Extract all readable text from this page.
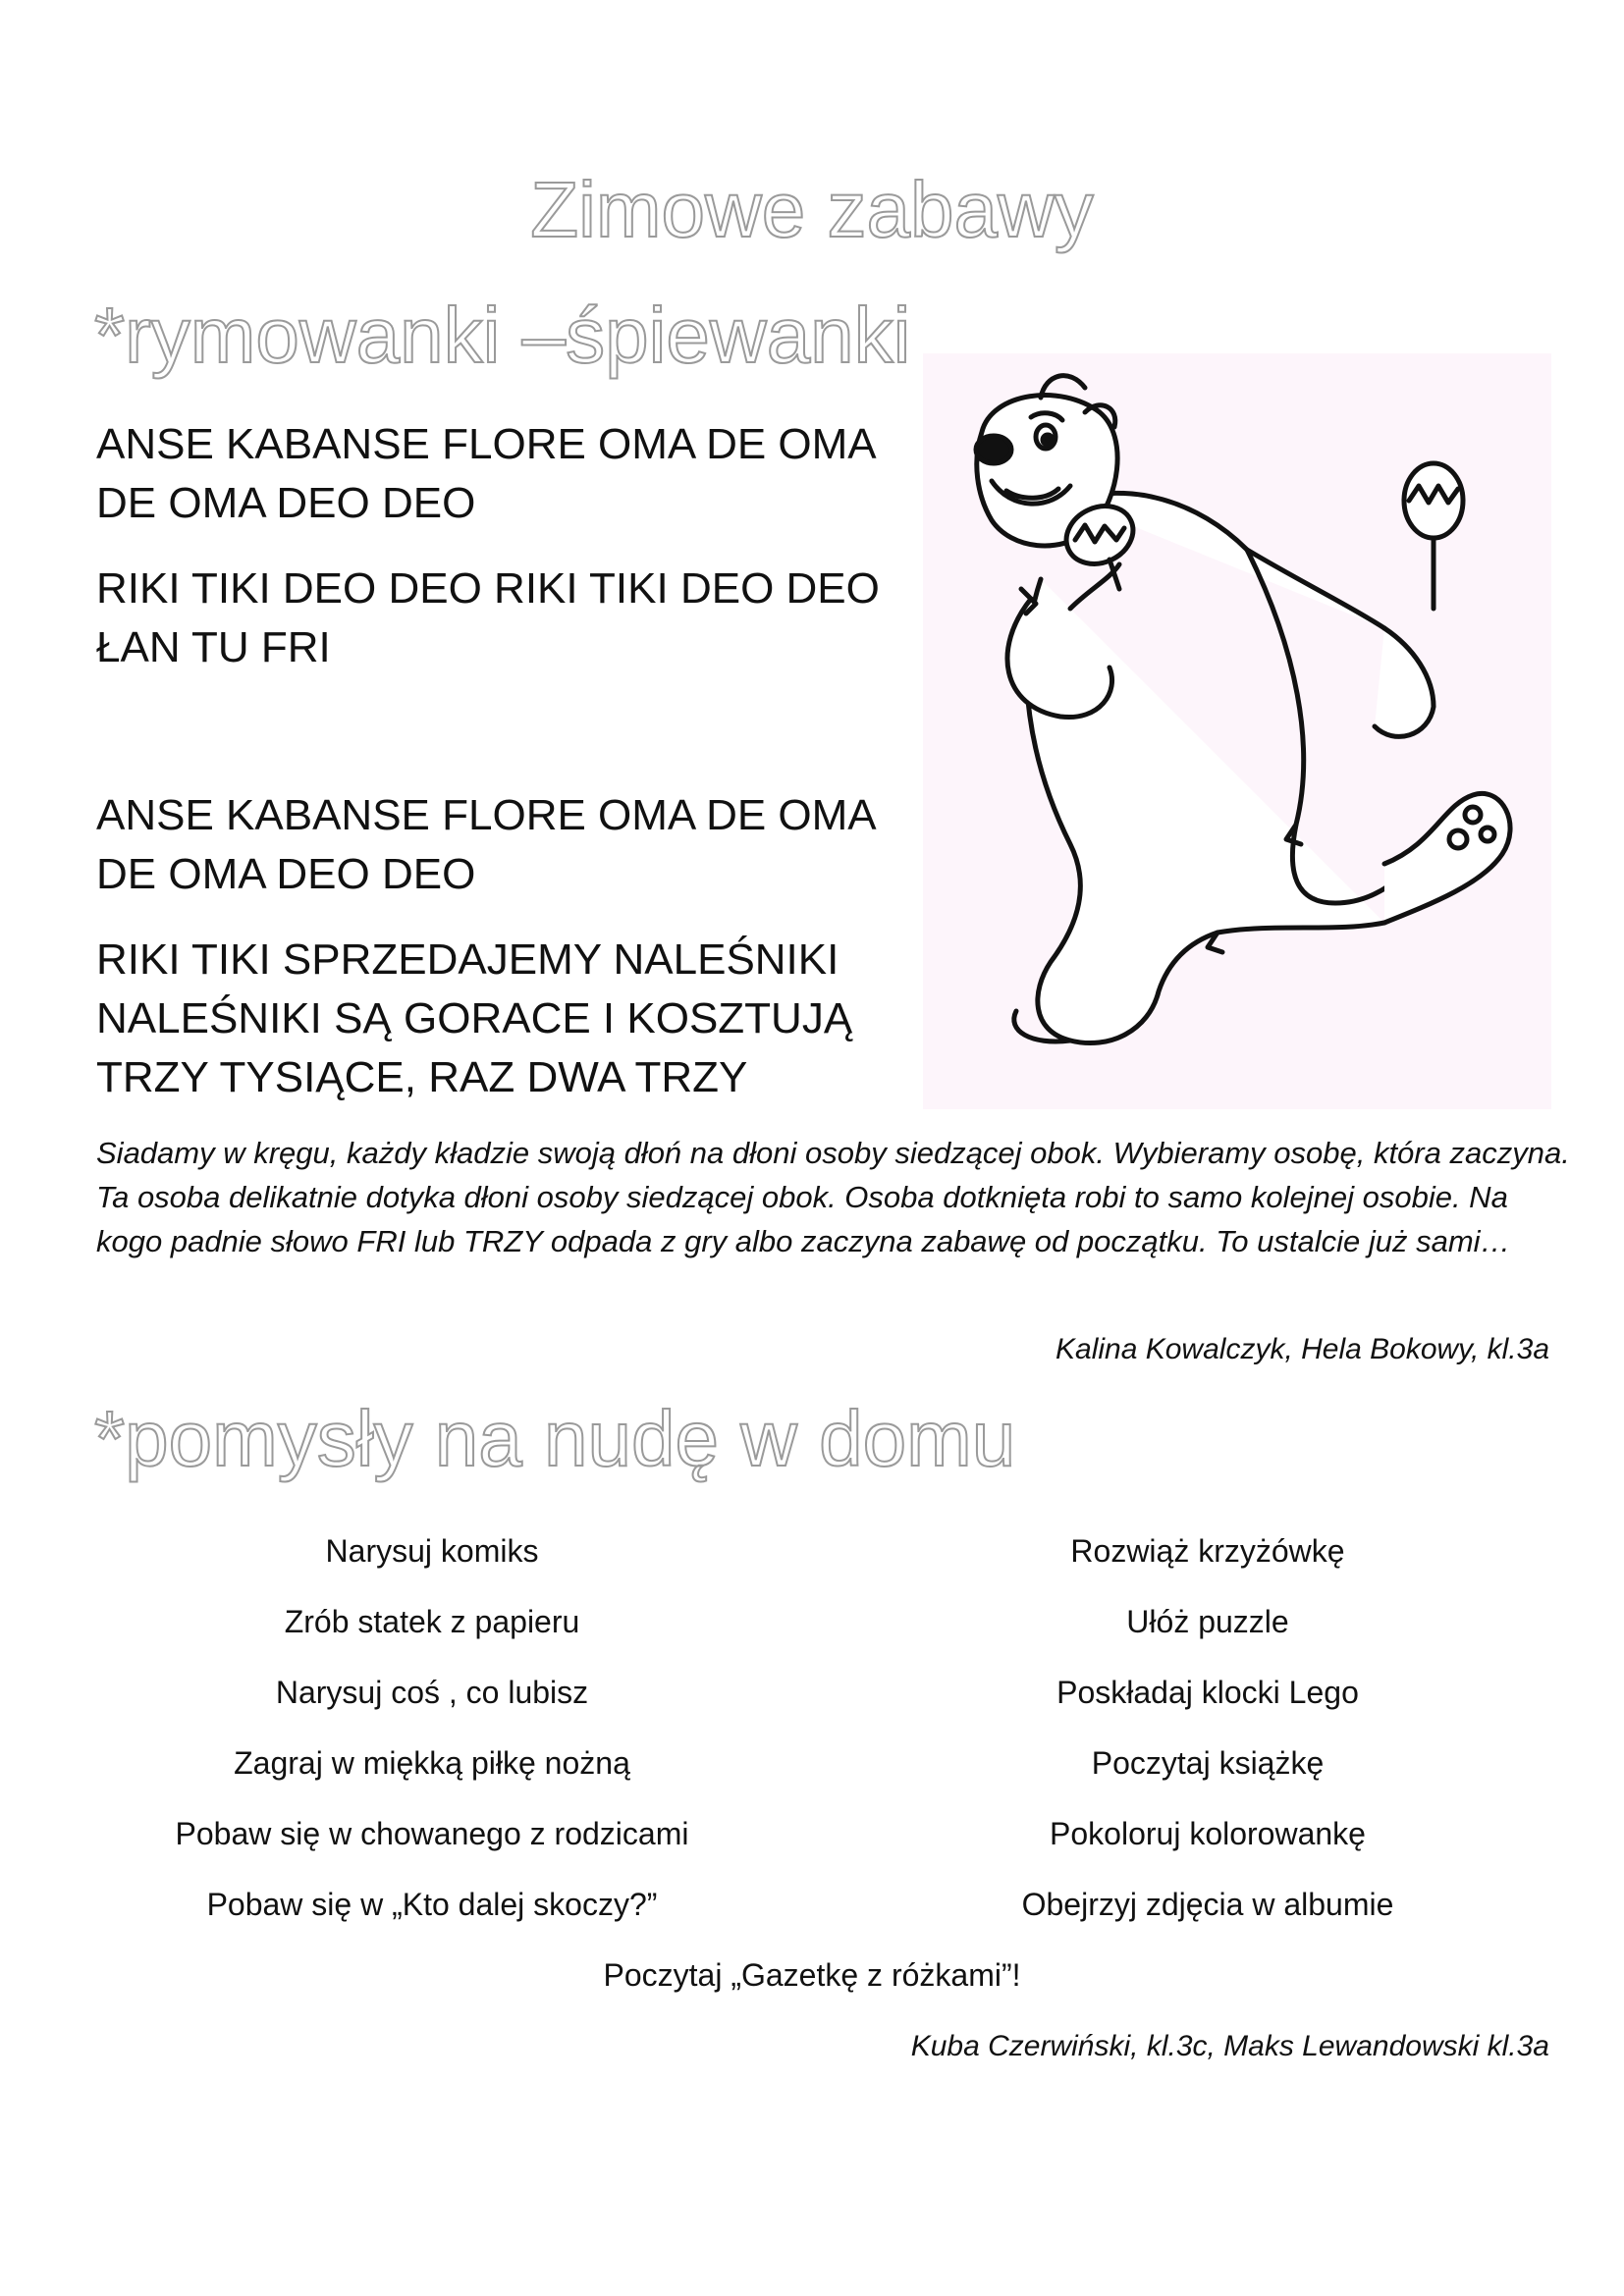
Zimowe zabawy
*rymowanki –śpiewanki

ANSE KABANSE FLORE OMA DE OMA
DE OMA DEO DEO

RIKI TIKI DEO DEO RIKI TIKI DEO DEO
ŁAN TU FRI

ANSE KABANSE FLORE OMA DE OMA
DE OMA DEO DEO

RIKI TIKI SPRZEDAJEMY NALEŚNIKI
NALEŚNIKI SĄ GORACE I KOSZTUJĄ
TRZY TYSIĄCE, RAZ DWA TRZY

Siadamy w kręgu, każdy kładzie swoją dłoń na dłoni osoby siedzącej obok. Wybieramy osobę, która zaczyna. Ta osoba delikatnie dotyka dłoni osoby siedzącej obok. Osoba dotknięta robi to samo kolejnej osobie. Na kogo padnie słowo FRI lub TRZY odpada z gry albo zaczyna zabawę od początku. To ustalcie już sami…

Kalina Kowalczyk, Hela Bokowy, kl.3a
*pomysły na nudę w domu
Narysuj komiks
Zrób statek z papieru
Narysuj coś , co lubisz
Zagraj w miękką piłkę nożną
Pobaw się w chowanego z rodzicami
Pobaw się w „Kto dalej skoczy?”
Rozwiąż krzyżówkę
Ułóż puzzle
Poskładaj klocki Lego
Poczytaj książkę
Pokoloruj kolorowankę
Obejrzyj zdjęcia w albumie
Poczytaj „Gazetkę z różkami”!
Kuba Czerwiński, kl.3c, Maks Lewandowski kl.3a
